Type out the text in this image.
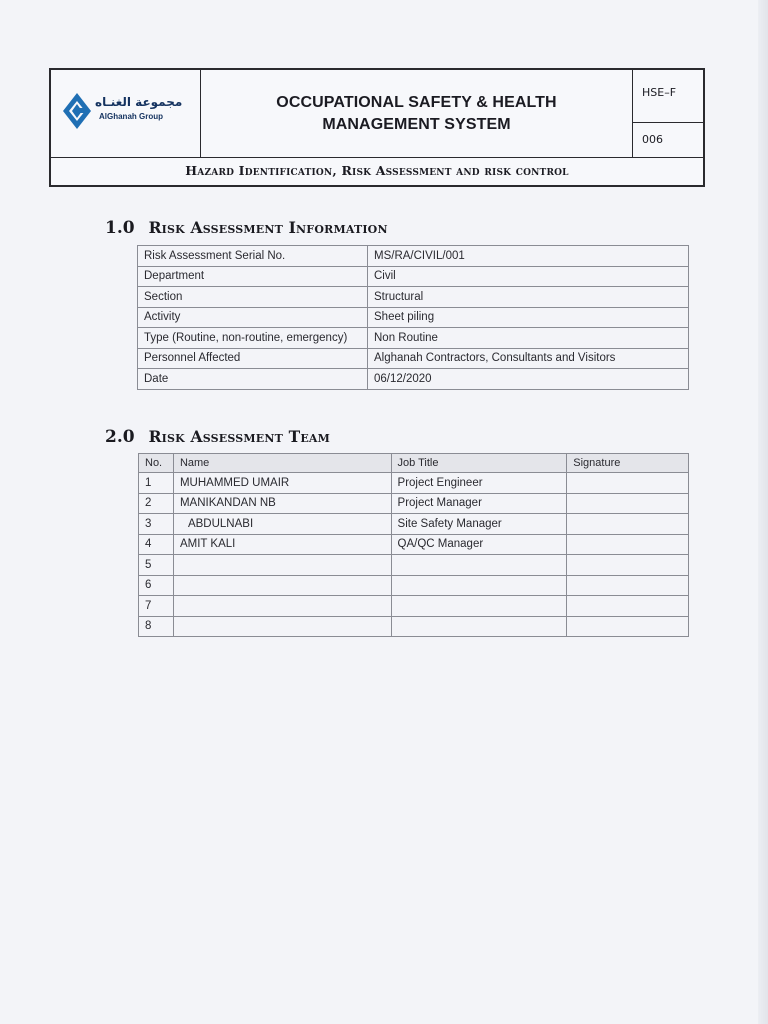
مجموعة الغنـاه
AlGhanah Group
OCCUPATIONAL SAFETY & HEALTH
MANAGEMENT SYSTEM
HSE–F
006
Hazard Identification, Risk Assessment and risk control
1.0 Risk Assessment Information
Risk Assessment Serial No.	MS/RA/CIVIL/001
Department	Civil
Section	Structural
Activity	Sheet piling
Type (Routine, non-routine, emergency)	Non Routine
Personnel Affected	Alghanah Contractors, Consultants and Visitors
Date	06/12/2020
2.0 Risk Assessment Team
No.	Name	Job Title	Signature
1	MUHAMMED UMAIR	Project Engineer	
2	MANIKANDAN NB	Project Manager	
3	ABDULNABI	Site Safety Manager	
4	AMIT KALI	QA/QC Manager	
5			
6			
7			
8			
